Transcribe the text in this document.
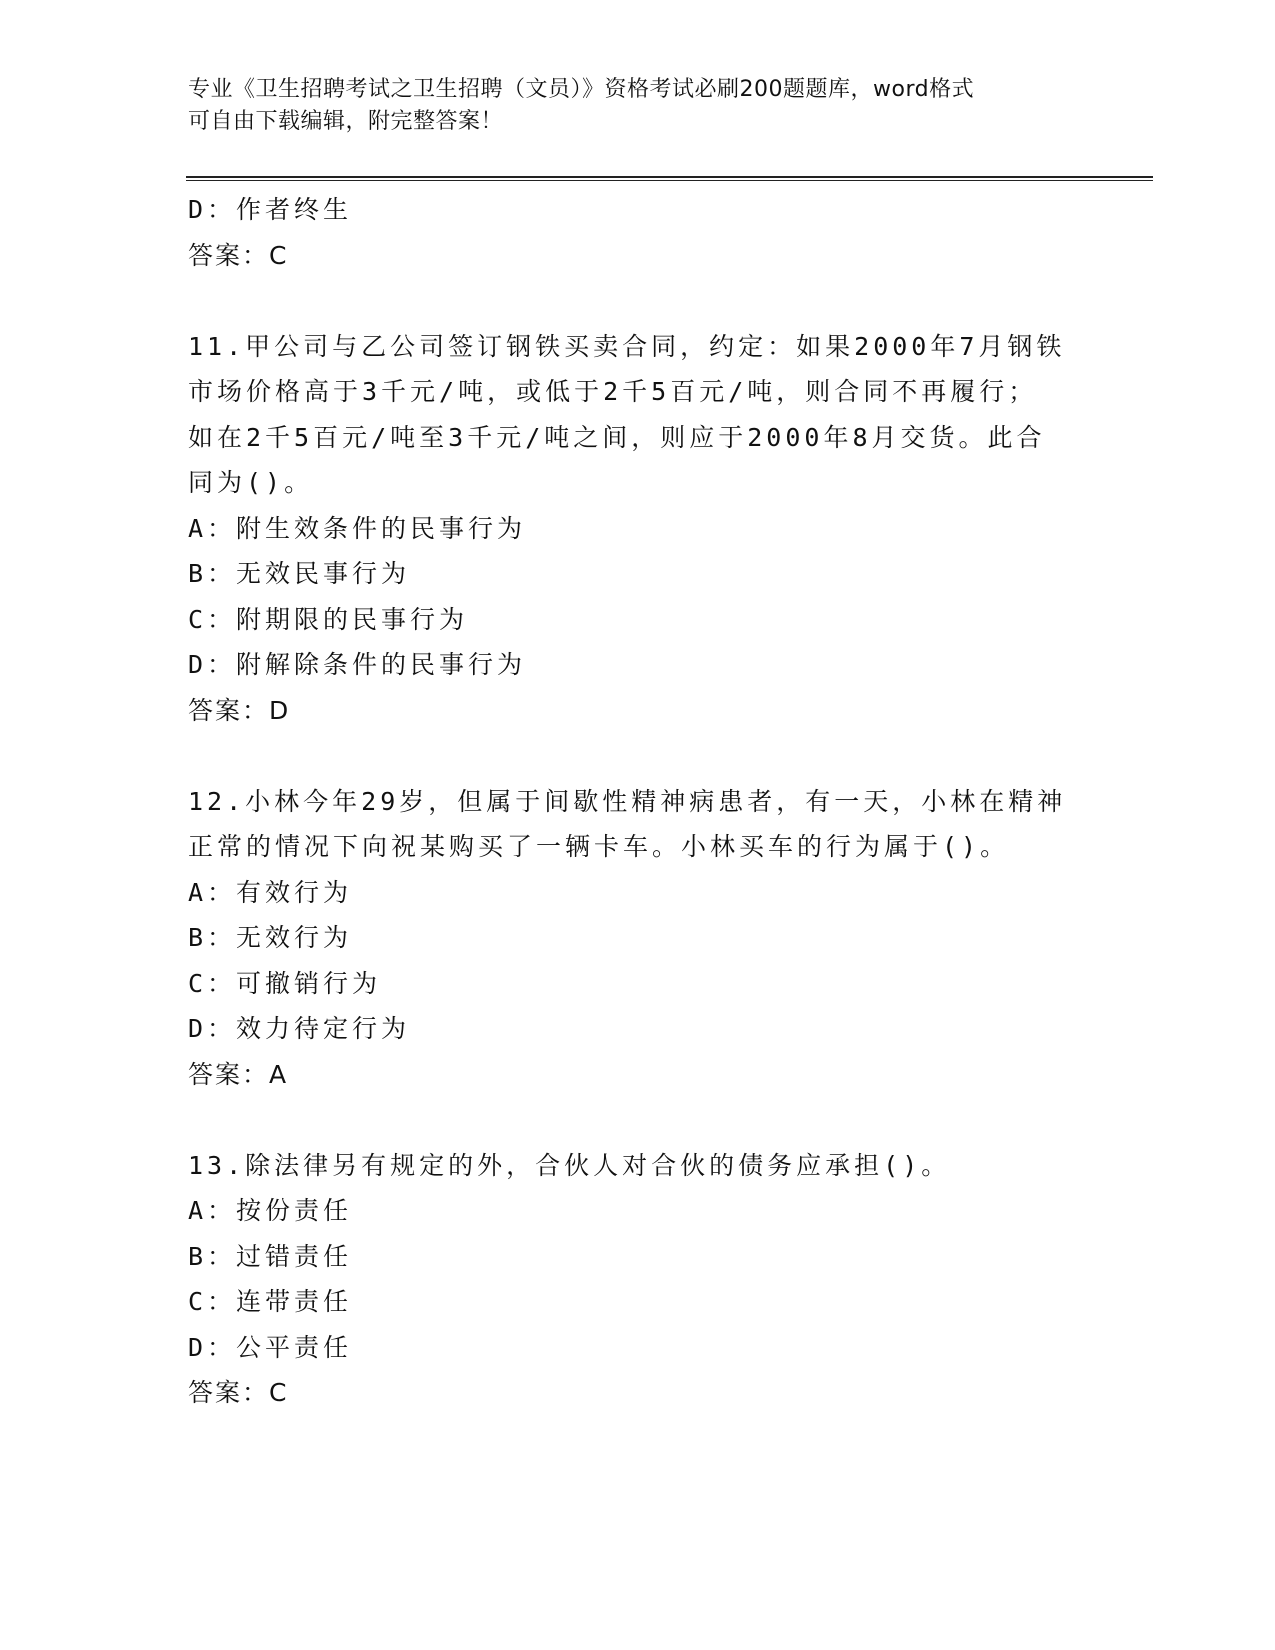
专业《卫生招聘考试之卫生招聘（文员）》资格考试必刷200题题库，word格式
可自由下载编辑，附完整答案！
D：作者终生
答案：C
11.甲公司与乙公司签订钢铁买卖合同，约定：如果2000年7月钢铁
市场价格高于3千元/吨，或低于2千5百元/吨，则合同不再履行；
如在2千5百元/吨至3千元/吨之间，则应于2000年8月交货。此合
同为()。
A：附生效条件的民事行为
B：无效民事行为
C：附期限的民事行为
D：附解除条件的民事行为
答案：D
12.小林今年29岁，但属于间歇性精神病患者，有一天，小林在精神
正常的情况下向祝某购买了一辆卡车。小林买车的行为属于()。
A：有效行为
B：无效行为
C：可撤销行为
D：效力待定行为
答案：A
13.除法律另有规定的外，合伙人对合伙的债务应承担()。
A：按份责任
B：过错责任
C：连带责任
D：公平责任
答案：C
